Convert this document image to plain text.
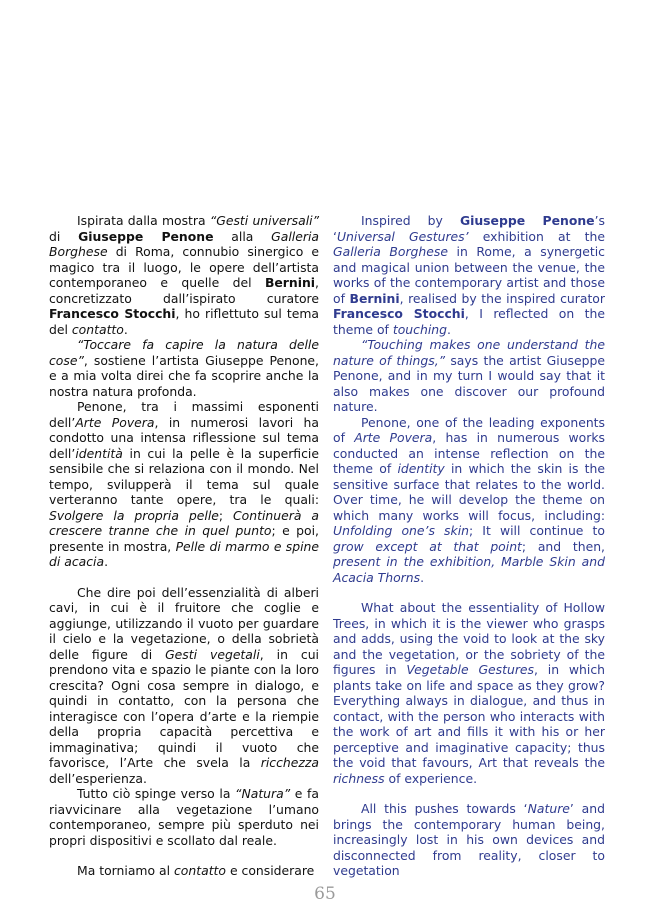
Ispirata dalla mostra “Gesti universali” di Giuseppe Penone alla Galleria Borghese di Roma, connubio sinergico e magico tra il luogo, le opere dell’artista contemporaneo e quelle del Bernini, concretizzato dall’ispirato curatore Francesco Stocchi, ho riflettuto sul tema del contatto.

“Toccare fa capire la natura delle cose”, sostiene l’artista Giuseppe Penone, e a mia volta direi che fa scoprire anche la nostra natura profonda.

Penone, tra i massimi esponenti dell’Arte Povera, in numerosi lavori ha condotto una intensa riflessione sul tema dell’identità in cui la pelle è la superficie sensibile che si relaziona con il mondo. Nel tempo, svilupperà il tema sul quale verteranno tante opere, tra le quali: Svolgere la propria pelle; Continuerà a crescere tranne che in quel punto; e poi, presente in mostra, Pelle di marmo e spine di acacia.

Che dire poi dell’essenzialità di alberi cavi, in cui è il fruitore che coglie e aggiunge, utilizzando il vuoto per guardare il cielo e la vegetazione, o della sobrietà delle figure di Gesti vegetali, in cui prendono vita e spazio le piante con la loro crescita? Ogni cosa sempre in dialogo, e quindi in contatto, con la persona che interagisce con l’opera d’arte e la riempie della propria capacità percettiva e immaginativa; quindi il vuoto che favorisce, l’Arte che svela la ricchezza dell’esperienza.

Tutto ciò spinge verso la “Natura” e fa riavvicinare alla vegetazione l’umano contemporaneo, sempre più sperduto nei propri dispositivi e scollato dal reale.

Ma torniamo al contatto e considerare

Inspired by Giuseppe Penone’s ‘Universal Gestures’ exhibition at the Galleria Borghese in Rome, a synergetic and magical union between the venue, the works of the contemporary artist and those of Bernini, realised by the inspired curator Francesco Stocchi, I reflected on the theme of touching.

“Touching makes one understand the nature of things,” says the artist Giuseppe Penone, and in my turn I would say that it also makes one discover our profound nature.

Penone, one of the leading exponents of Arte Povera, has in numerous works conducted an intense reflection on the theme of identity in which the skin is the sensitive surface that relates to the world. Over time, he will develop the theme on which many works will focus, including: Unfolding one’s skin; It will continue to grow except at that point; and then, present in the exhibition, Marble Skin and Acacia Thorns.

What about the essentiality of Hollow Trees, in which it is the viewer who grasps and adds, using the void to look at the sky and the vegetation, or the sobriety of the figures in Vegetable Gestures, in which plants take on life and space as they grow? Everything always in dialogue, and thus in contact, with the person who interacts with the work of art and fills it with his or her perceptive and imaginative capacity; thus the void that favours, Art that reveals the richness of experience.

All this pushes towards ‘Nature’ and brings the contemporary human being, increasingly lost in his own devices and disconnected from reality, closer to vegetation

65
